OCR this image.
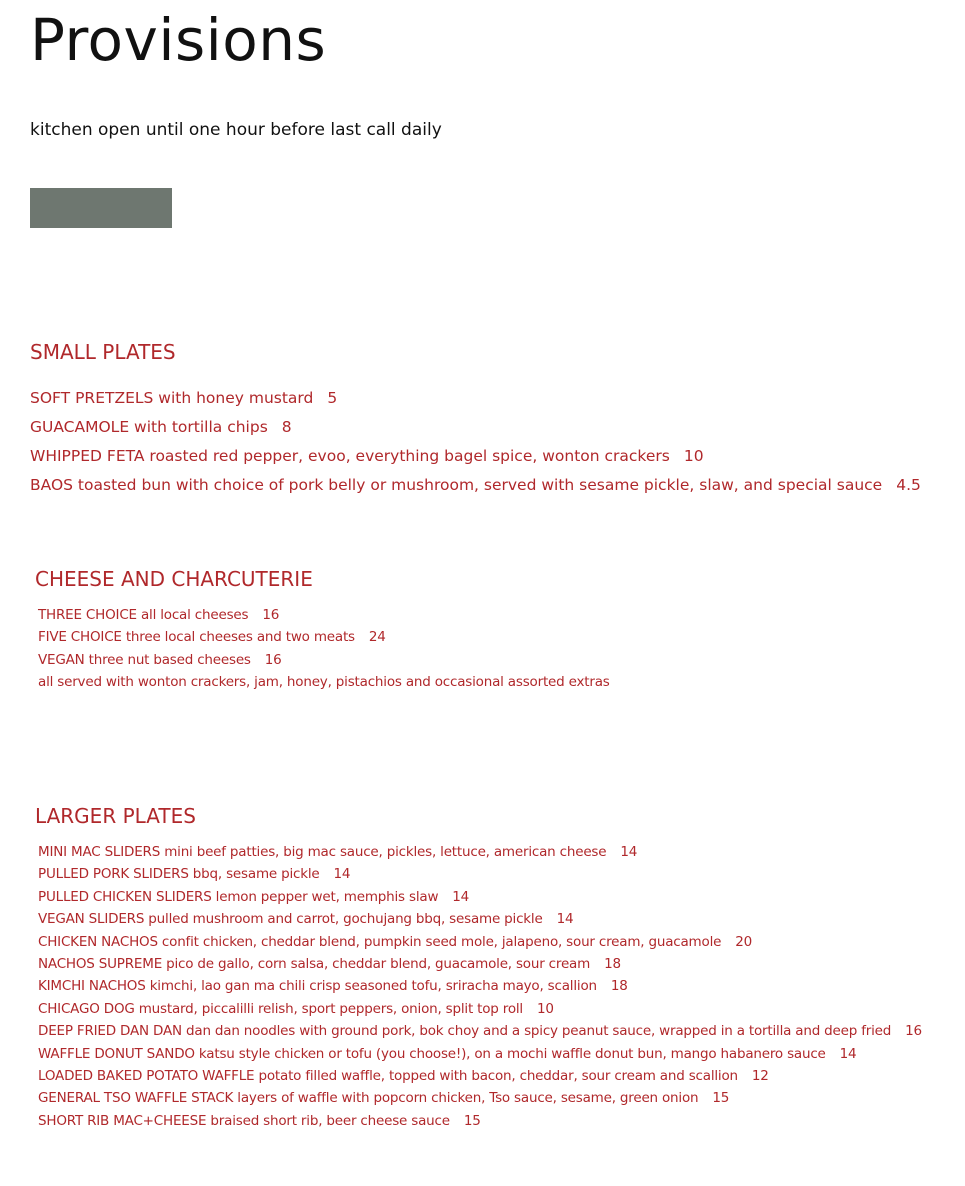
Provisions

kitchen open until one hour before last call daily

SMALL PLATES
SOFT PRETZELS with honey mustard 5
GUACAMOLE with tortilla chips 8
WHIPPED FETA roasted red pepper, evoo, everything bagel spice, wonton crackers 10
BAOS toasted bun with choice of pork belly or mushroom, served with sesame pickle, slaw, and special sauce 4.5
CHEESE AND CHARCUTERIE
THREE CHOICE all local cheeses 16
FIVE CHOICE three local cheeses and two meats 24
VEGAN three nut based cheeses 16
all served with wonton crackers, jam, honey, pistachios and occasional assorted extras
LARGER PLATES
MINI MAC SLIDERS mini beef patties, big mac sauce, pickles, lettuce, american cheese 14
PULLED PORK SLIDERS bbq, sesame pickle 14
PULLED CHICKEN SLIDERS lemon pepper wet, memphis slaw 14
VEGAN SLIDERS pulled mushroom and carrot, gochujang bbq, sesame pickle 14
CHICKEN NACHOS confit chicken, cheddar blend, pumpkin seed mole, jalapeno, sour cream, guacamole 20
NACHOS SUPREME pico de gallo, corn salsa, cheddar blend, guacamole, sour cream 18
KIMCHI NACHOS kimchi, lao gan ma chili crisp seasoned tofu, sriracha mayo, scallion 18
CHICAGO DOG mustard, piccalilli relish, sport peppers, onion, split top roll 10
DEEP FRIED DAN DAN dan dan noodles with ground pork, bok choy and a spicy peanut sauce, wrapped in a tortilla and deep fried 16
WAFFLE DONUT SANDO katsu style chicken or tofu (you choose!), on a mochi waffle donut bun, mango habanero sauce 14
LOADED BAKED POTATO WAFFLE potato filled waffle, topped with bacon, cheddar, sour cream and scallion 12
GENERAL TSO WAFFLE STACK layers of waffle with popcorn chicken, Tso sauce, sesame, green onion 15
SHORT RIB MAC+CHEESE braised short rib, beer cheese sauce 15
